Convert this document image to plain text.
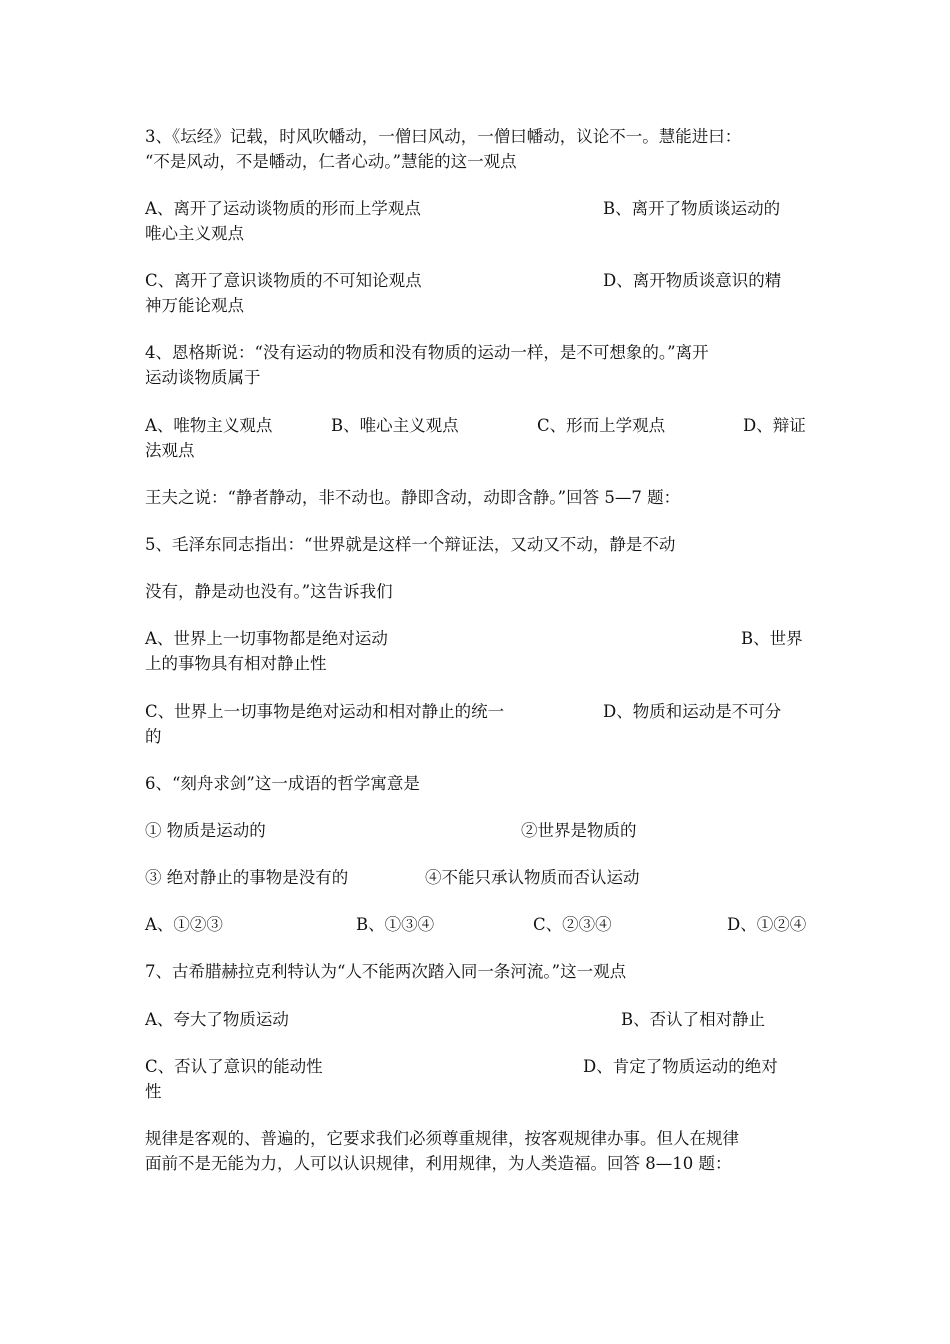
3、《坛经》记载，时风吹幡动，一僧曰风动，一僧曰幡动，议论不一。慧能进曰：
“不是风动，不是幡动，仁者心动。”慧能的这一观点
A、离开了运动谈物质的形而上学观点	B、离开了物质谈运动的
唯心主义观点
C、离开了意识谈物质的不可知论观点	D、离开物质谈意识的精
神万能论观点
4、恩格斯说：“没有运动的物质和没有物质的运动一样，是不可想象的。”离开
运动谈物质属于
A、唯物主义观点	B、唯心主义观点	C、形而上学观点	D、辩证
法观点
王夫之说：“静者静动，非不动也。静即含动，动即含静。”回答 5—7 题：
5、毛泽东同志指出：“世界就是这样一个辩证法，又动又不动，静是不动
没有，静是动也没有。”这告诉我们
A、世界上一切事物都是绝对运动	B、世界
上的事物具有相对静止性
C、世界上一切事物是绝对运动和相对静止的统一	D、物质和运动是不可分
的
6、“刻舟求剑”这一成语的哲学寓意是
① 物质是运动的	②世界是物质的
③ 绝对静止的事物是没有的	④不能只承认物质而否认运动
A、①②③	B、①③④	C、②③④	D、①②④
7、古希腊赫拉克利特认为“人不能两次踏入同一条河流。”这一观点
A、夸大了物质运动	B、否认了相对静止
C、否认了意识的能动性	D、肯定了物质运动的绝对
性
规律是客观的、普遍的，它要求我们必须尊重规律，按客观规律办事。但人在规律
面前不是无能为力，人可以认识规律，利用规律，为人类造福。回答 8—10 题：
